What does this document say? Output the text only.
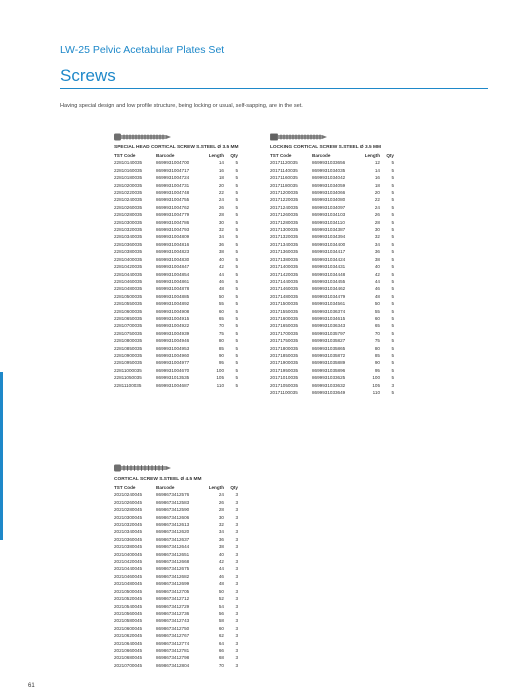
LW-25 Pelvic Acetabular Plates Set
Screws
Having special design and low profile structure, being locking or usual, self-sapping, are in the set.
SPECIAL HEAD CORTICAL SCREW S.STEEL Ø 3.5 MM
TST Code	Barcode	Length	Qty
22810140035	8699931004700	14	5
22810160035	8699931004717	16	5
22810180035	8699931004724	18	5
22810200035	8699931004731	20	5
22810220035	8699931004748	22	5
22810240035	8699931004755	24	5
22810260035	8699931004762	26	5
22810280035	8699931004779	28	5
22810300035	8699931004786	30	5
22810320035	8699931004793	32	5
22810340035	8699931004809	34	5
22810360035	8699931004816	36	5
22810380035	8699931004823	38	5
22810400035	8699931004830	40	5
22810420035	8699931004847	42	5
22810440035	8699931004854	44	5
22810460035	8699931004861	46	5
22810480035	8699931004878	48	5
22810500035	8699931004885	50	5
22810550035	8699931004892	55	5
22810600035	8699931004908	60	5
22810650035	8699931004915	65	5
22810700035	8699931004922	70	5
22810750035	8699931004939	75	5
22810800035	8699931004946	80	5
22810850035	8699931004953	85	5
22810900035	8699931004960	90	5
22810950035	8699931004977	95	5
22811000035	8699931004670	100	5
22811050035	8699931013535	105	5
22811100035	8699931004687	110	5
LOCKING CORTICAL SCREW S.STEEL Ø 3.5 MM
TST Code	Barcode	Length	Qty
20171120035	8699931033656	12	5
20171140035	8699931034035	14	5
20171160035	8699931034042	16	5
20171180035	8699931034059	18	5
20171200035	8699931034066	20	5
20171220035	8699931034080	22	5
20171240035	8699931034097	24	5
20171260035	8699931034103	26	5
20171280035	8699931034110	28	5
20171300035	8699931034387	30	5
20171320035	8699931034394	32	5
20171340035	8699931034400	34	5
20171360035	8699931034417	36	5
20171380035	8699931034424	38	5
20171400035	8699931034431	40	5
20171420035	8699931034448	42	5
20171440035	8699931034455	44	5
20171460035	8699931034462	46	5
20171480035	8699931034479	48	5
20171500035	8699931034561	50	5
20171550035	8699931036374	55	5
20171600035	8699931034615	60	5
20171650035	8699931036343	65	5
20171700035	8699931035797	70	5
20171750035	8699931035827	75	5
20171800035	8699931035865	80	5
20171850035	8699931035872	85	5
20171900035	8699931035889	90	5
20171950035	8699931035896	95	5
20171010035	8699931033625	100	5
20171050035	8699931033632	105	3
20171100035	8699931033649	110	5
CORTICAL SCREW S.STEEL Ø 4.5 MM
TST Code	Barcode	Length	Qty
20210240045	8698673412576	24	3
20210260045	8698673412583	26	3
20210280045	8698673412590	28	3
20210300045	8698673412606	30	3
20210320045	8698673412613	32	3
20210340045	8698673412620	34	3
20210360045	8698673412637	36	3
20210380045	8698673412644	38	3
20210400045	8698673412651	40	3
20210420045	8698673412668	42	3
20210440045	8698673412675	44	3
20210460045	8698673412682	46	3
20210480045	8698673412699	48	3
20210500045	8698673412705	50	3
20210520045	8698673412712	52	3
20210540045	8698673412729	54	3
20210560045	8698673412736	56	3
20210580045	8698673412743	58	3
20210600045	8698673412750	60	3
20210620045	8698673412767	62	3
20210640045	8698673412774	64	3
20210660045	8698673412781	66	3
20210680045	8698673412798	68	3
20210700045	8698673412804	70	3
61
